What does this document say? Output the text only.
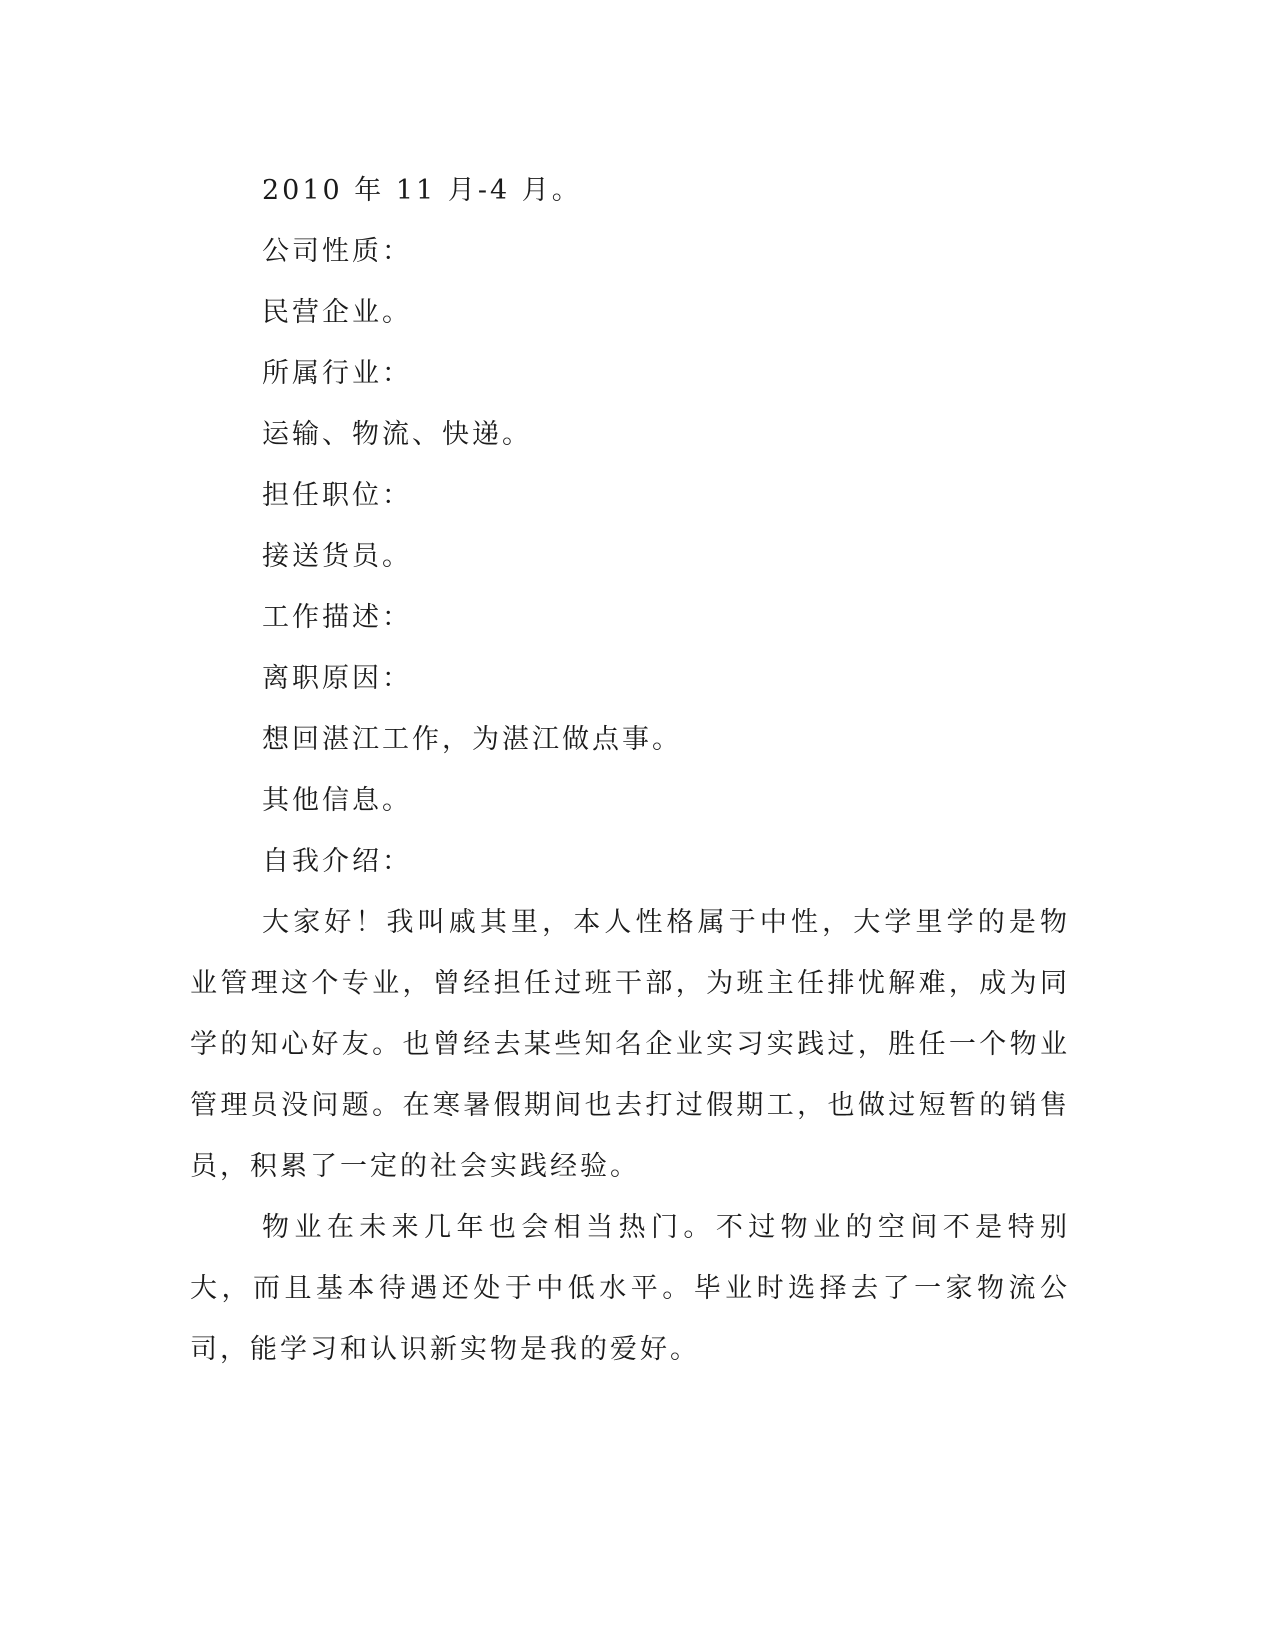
2010 年 11 月-4 月。

公司性质：

民营企业。

所属行业：

运输、物流、快递。

担任职位：

接送货员。

工作描述：

离职原因：

想回湛江工作，为湛江做点事。

其他信息。

自我介绍：

大家好！我叫戚其里，本人性格属于中性，大学里学的是物业管理这个专业，曾经担任过班干部，为班主任排忧解难，成为同学的知心好友。也曾经去某些知名企业实习实践过，胜任一个物业管理员没问题。在寒暑假期间也去打过假期工，也做过短暂的销售员，积累了一定的社会实践经验。

物业在未来几年也会相当热门。不过物业的空间不是特别大，而且基本待遇还处于中低水平。毕业时选择去了一家物流公司，能学习和认识新实物是我的爱好。
